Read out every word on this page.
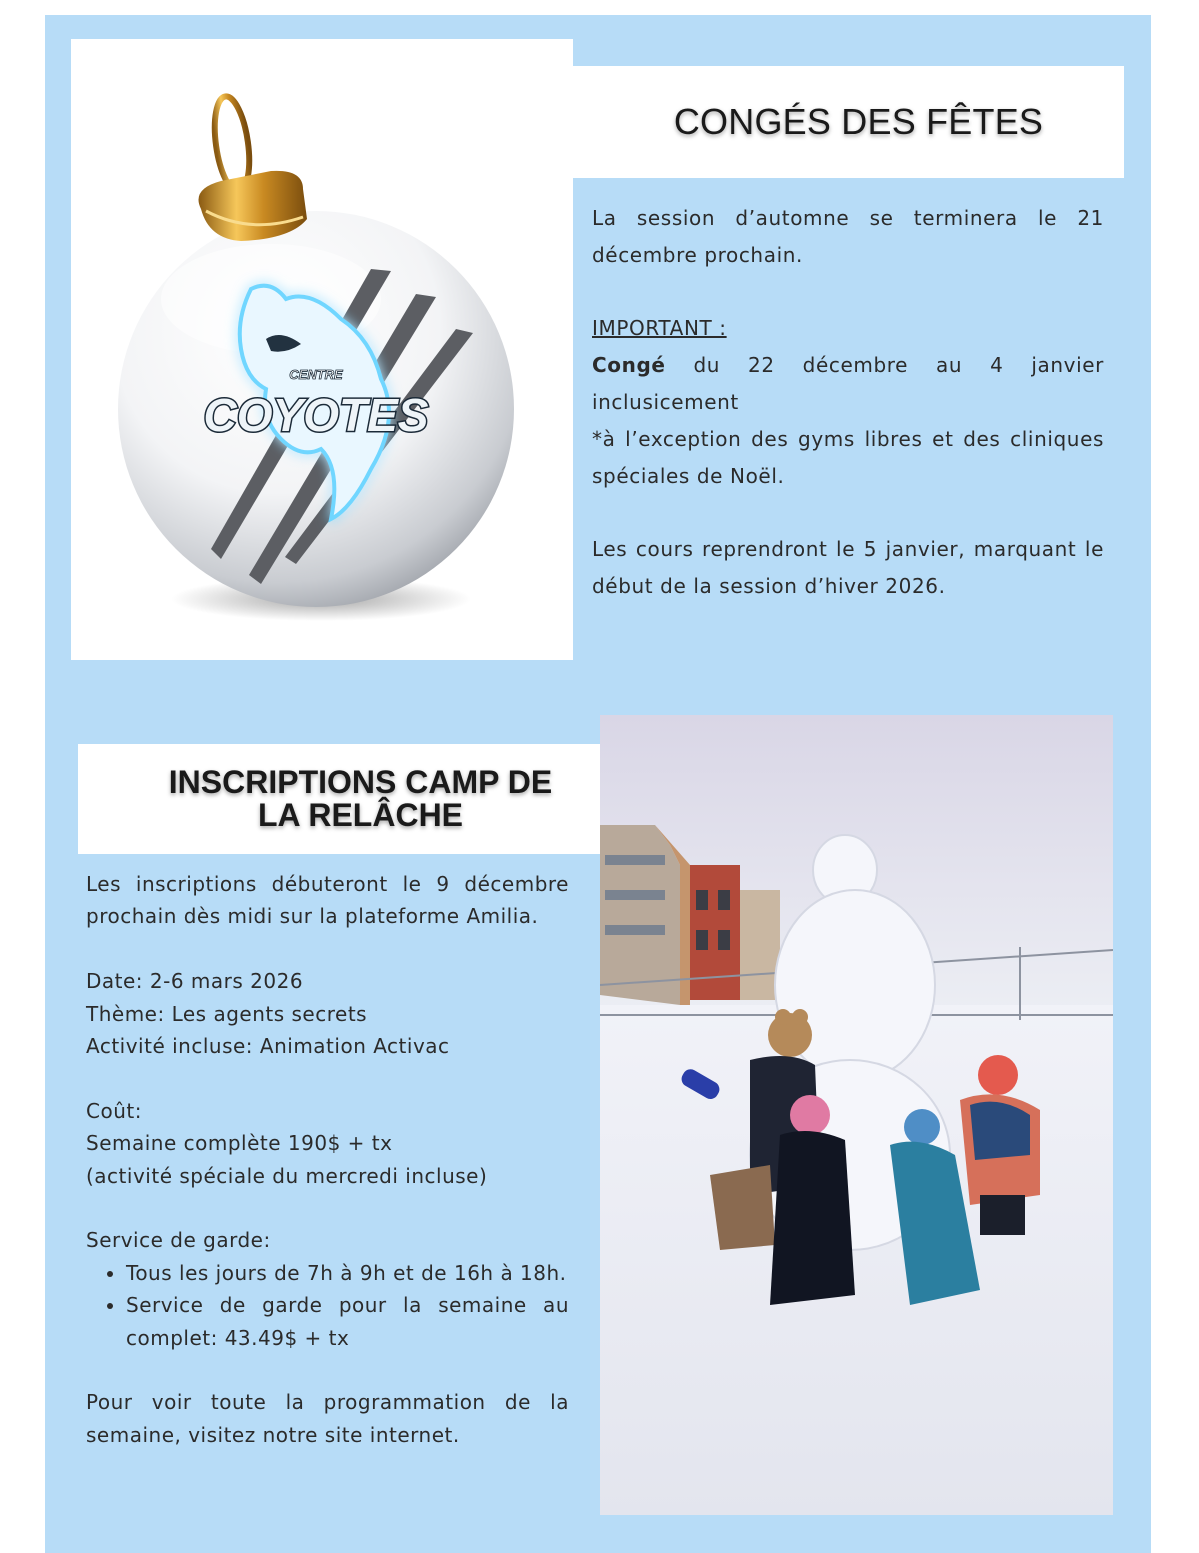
CENTRE
COYOTES
CONGÉS DES FÊTES

La session d’automne se terminera le 21 décembre prochain.

IMPORTANT :

Congé du 22 décembre au 4 janvier inclusicement

*à l’exception des gyms libres et des cliniques spéciales de Noël.

Les cours reprendront le 5 janvier, marquant le début de la session d’hiver 2026.

INSCRIPTIONS CAMP DE LA RELÂCHE

Les inscriptions débuteront le 9 décembre prochain dès midi sur la plateforme Amilia.

Date: 2-6 mars 2026

Thème: Les agents secrets

Activité incluse: Animation Activac

Coût:

Semaine complète 190$ + tx

(activité spéciale du mercredi incluse)

Service de garde:

• Tous les jours de 7h à 9h et de 16h à 18h.
• Service de garde pour la semaine au complet: 43.49$ + tx

Pour voir toute la programmation de la semaine, visitez notre site internet.
